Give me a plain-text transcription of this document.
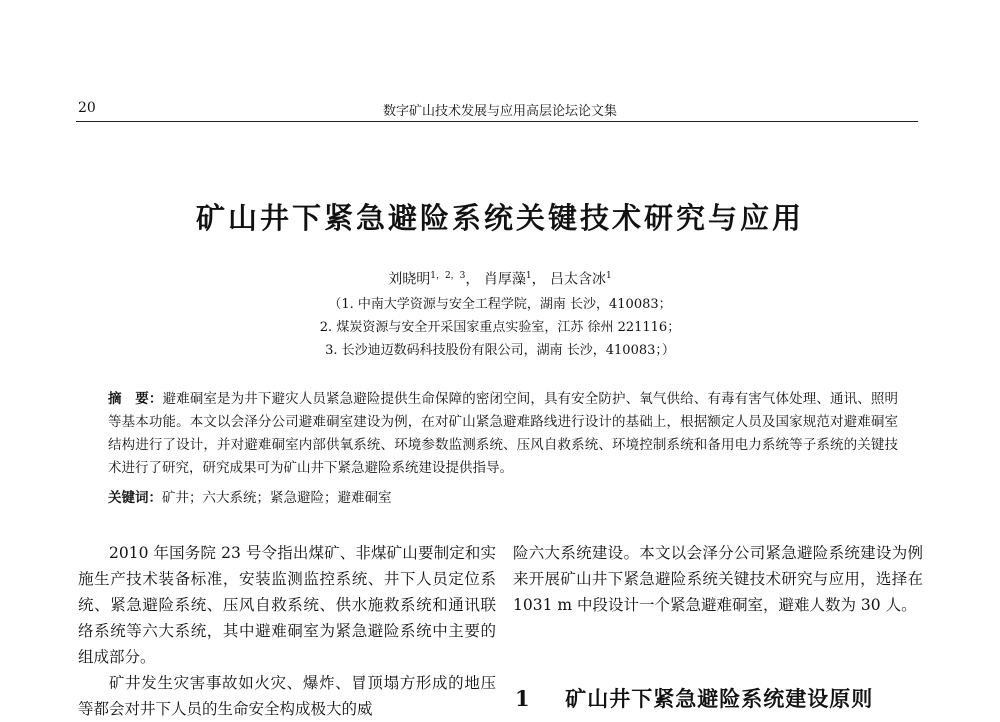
20	数字矿山技术发展与应用高层论坛论文集
矿山井下紧急避险系统关键技术研究与应用
刘晓明$^{1,2,3}$， 肖厚藻$^1$， 吕太含冰$^1$
（1. 中南大学资源与安全工程学院，湖南 长沙，410083；
2. 煤炭资源与安全开采国家重点实验室，江苏 徐州 221116；
3. 长沙迪迈数码科技股份有限公司，湖南 长沙，410083；）
摘　要：避难硐室是为井下避灾人员紧急避险提供生命保障的密闭空间，具有安全防护、氧气供给、有毒有害气体处理、通讯、照明等基本功能。本文以会泽分公司避难硐室建设为例，在对矿山紧急避难路线进行设计的基础上，根据额定人员及国家规范对避难硐室结构进行了设计，并对避难硐室内部供氧系统、环境参数监测系统、压风自救系统、环境控制系统和备用电力系统等子系统的关键技术进行了研究，研究成果可为矿山井下紧急避险系统建设提供指导。
关键词：矿井；六大系统；紧急避险；避难硐室

2010 年国务院 23 号令指出煤矿、非煤矿山要制定和实施生产技术装备标准，安装监测监控系统、井下人员定位系统、紧急避险系统、压风自救系统、供水施救系统和通讯联络系统等六大系统，其中避难硐室为紧急避险系统中主要的组成部分。

矿井发生灾害事故如火灾、爆炸、冒顶塌方形成的地压等都会对井下人员的生命安全构成极大的威

险六大系统建设。本文以会泽分公司紧急避险系统建设为例来开展矿山井下紧急避险系统关键技术研究与应用，选择在1031 m 中段设计一个紧急避难硐室，避难人数为 30 人。

1 矿山井下紧急避险系统建设原则
